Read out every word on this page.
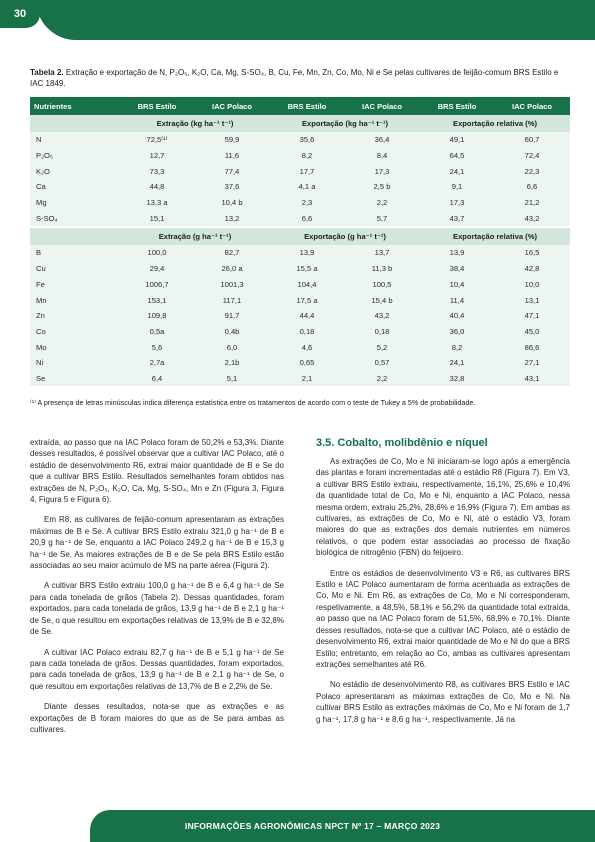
30
Tabela 2. Extração e exportação de N, P₂O₅, K₂O, Ca, Mg, S-SO₄, B, Cu, Fe, Mn, Zn, Co, Mo, Ni e Se pelas cultivares de feijão-comum BRS Estilo e IAC 1849.
Nutrientes	BRS Estilo	IAC Polaco	BRS Estilo	IAC Polaco	BRS Estilo	IAC Polaco
	Extração (kg ha⁻¹ t⁻¹)		Exportação (kg ha⁻¹ t⁻¹)		Exportação relativa (%)	
N	72,5⁽¹⁾	59,9	35,6	36,4	49,1	60,7
P₂O₅	12,7	11,6	8,2	8,4	64,5	72,4
K₂O	73,3	77,4	17,7	17,3	24,1	22,3
Ca	44,8	37,6	4,1 a	2,5 b	9,1	6,6
Mg	13,3 a	10,4 b	2,3	2,2	17,3	21,2
S-SO₄	15,1	13,2	6,6	5,7	43,7	43,2

	Extração (g ha⁻¹ t⁻¹)		Exportação (g ha⁻¹ t⁻¹)		Exportação relativa (%)	
B	100,0	82,7	13,9	13,7	13,9	16,5
Cu	29,4	26,0 a	15,5 a	11,3 b	38,4	42,8
Fe	1006,7	1001,3	104,4	100,5	10,4	10,0
Mn	153,1	117,1	17,5 a	15,4 b	11,4	13,1
Zn	109,8	91,7	44,4	43,2	40,4	47,1
Co	0,5a	0,4b	0,18	0,18	36,0	45,0
Mo	5,6	6,0	4,6	5,2	8,2	86,6
Ni	2,7a	2,1b	0,65	0,57	24,1	27,1
Se	6,4	5,1	2,1	2,2	32,8	43,1
⁽¹⁾ A presença de letras minúsculas indica diferença estatística entre os tratamentos de acordo com o teste de Tukey a 5% de probabilidade.

extraída, ao passo que na IAC Polaco foram de 50,2% e 53,3%. Diante desses resultados, é possível observar que a cultivar IAC Polaco, até o estádio de desenvolvimento R6, extrai maior quantidade de B e Se do que a cultivar BRS Estilo. Resultados semelhantes foram obtidos nas extrações de N, P₂O₅, K₂O, Ca, Mg, S-SO₄, Mn e Zn (Figura 3, Figura 4, Figura 5 e Figura 6).

Em R8, as cultivares de feijão-comum apresentaram as extrações máximas de B e Se. A cultivar BRS Estilo extraiu 321,0 g ha⁻¹ de B e 20,9 g ha⁻¹ de Se, enquanto a IAC Polaco 249,2 g ha⁻¹ de B e 15,3 g ha⁻¹ de Se. As maiores extrações de B e de Se pela BRS Estilo estão associadas ao seu maior acúmulo de MS na parte aérea (Figura 2).

A cultivar BRS Estilo extraiu 100,0 g ha⁻¹ de B e 6,4 g ha⁻¹ de Se para cada tonelada de grãos (Tabela 2). Dessas quantidades, foram exportados, para cada tonelada de grãos, 13,9 g ha⁻¹ de B e 2,1 g ha⁻¹ de Se, o que resultou em exportações relativas de 13,9% de B e 32,8% de Se.

A cultivar IAC Polaco extraiu 82,7 g ha⁻¹ de B e 5,1 g ha⁻¹ de Se para cada tonelada de grãos. Dessas quantidades, foram exportados, para cada tonelada de grãos, 13,9 g ha⁻¹ de B e 2,1 g ha⁻¹ de Se, o que resultou em exportações relativas de 13,7% de B e 2,2% de Se.

Diante desses resultados, nota-se que as extrações e as exportações de B foram maiores do que as de Se para ambas as cultivares.

3.5. Cobalto, molibdênio e níquel

As extrações de Co, Mo e Ni iniciaram-se logo após a emergência das plantas e foram incrementadas até o estádio R8 (Figura 7). Em V3, a cultivar BRS Estilo extraiu, respectivamente, 16,1%, 25,6% e 10,4% da quantidade total de Co, Mo e Ni, enquanto a IAC Polaco, nessa mesma ordem, extraiu 25,2%, 28,6% e 16,9% (Figura 7). Em ambas as cultivares, as extrações de Co, Mo e Ni, até o estádio V3, foram maiores do que as extrações dos demais nutrientes em números relativos, o que podem estar associadas ao processo de fixação biológica de nitrogênio (FBN) do feijoeiro.

Entre os estádios de desenvolvimento V3 e R6, as cultivares BRS Estilo e IAC Polaco aumentaram de forma acentuada as extrações de Co, Mo e Ni. Em R6, as extrações de Co, Mo e Ni corresponderam, respetivamente, a 48,5%, 58,1% e 56,2% da quantidade total extraída, ao passo que na IAC Polaco foram de 51,5%, 68,9% e 70,1%. Diante desses resultados, nota-se que a cultivar IAC Polaco, até o estádio de desenvolvimento R6, extrai maior quantidade de Mo e Ni do que a BRS Estilo; entretanto, em relação ao Co, ambas as cultivares apresentam extrações semelhantes até R6.

No estádio de desenvolvimento R8, as cultivares BRS Estilo e IAC Polaco apresentaram as máximas extrações de Co, Mo e Ni. Na cultivar BRS Estilo as extrações máximas de Co, Mo e Ni foram de 1,7 g ha⁻¹, 17,8 g ha⁻¹ e 8,6 g ha⁻¹, respectivamente. Já na

INFORMAÇÕES AGRONÔMICAS NPCT Nº 17 – MARÇO 2023
